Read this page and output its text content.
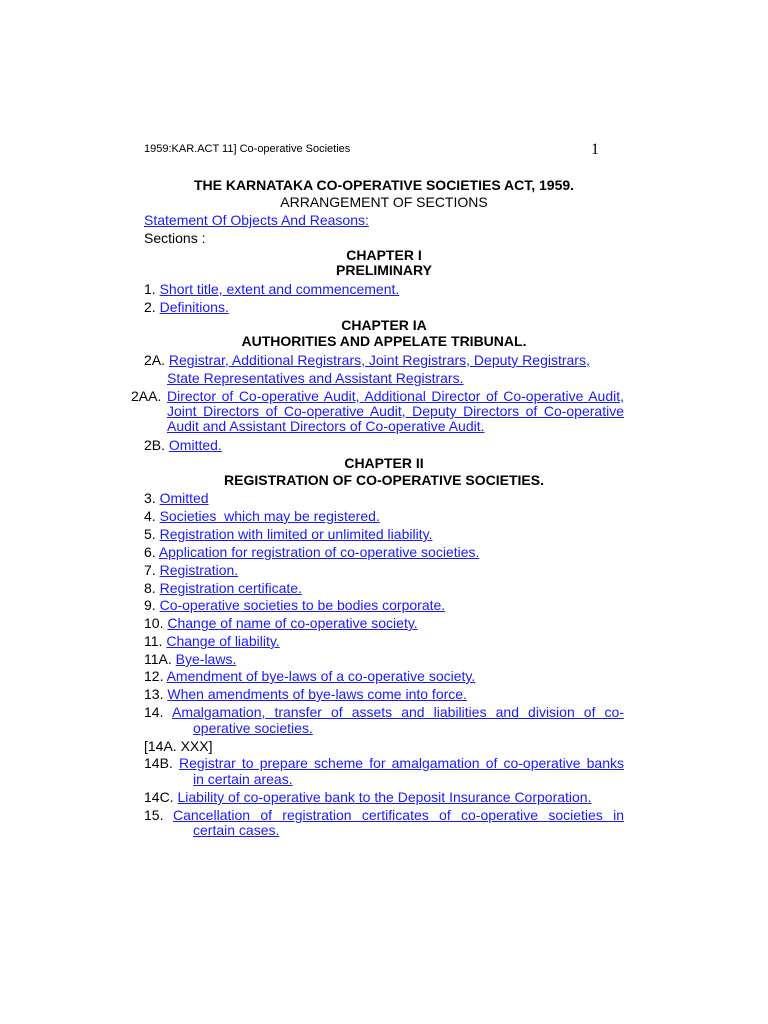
1959:KAR.ACT 11] Co-operative Societies	1
THE KARNATAKA CO-OPERATIVE SOCIETIES ACT, 1959.
ARRANGEMENT OF SECTIONS
Statement Of Objects And Reasons:
Sections :
CHAPTER I
PRELIMINARY
1. Short title, extent and commencement.
2. Definitions.
CHAPTER IA
AUTHORITIES AND APPELATE TRIBUNAL.
2A. Registrar, Additional Registrars, Joint Registrars, Deputy Registrars,
State Representatives and Assistant Registrars.
2AA. Director of Co-operative Audit, Additional Director of Co-operative Audit,
Joint Directors of Co-operative Audit, Deputy Directors of Co-operative
Audit and Assistant Directors of Co-operative Audit.
2B. Omitted.
CHAPTER II
REGISTRATION OF CO-OPERATIVE SOCIETIES.
3. Omitted
4. Societies  which may be registered.
5. Registration with limited or unlimited liability.
6. Application for registration of co-operative societies.
7. Registration.
8. Registration certificate.
9. Co-operative societies to be bodies corporate.
10. Change of name of co-operative society.
11. Change of liability.
11A. Bye-laws.
12. Amendment of bye-laws of a co-operative society.
13. When amendments of bye-laws come into force.
14. Amalgamation,  transfer  of  assets  and  liabilities  and  division  of  co-
operative societies.
[14A. XXX]
14B. Registrar to prepare scheme for amalgamation of co-operative banks
in certain areas.
14C. Liability of co-operative bank to the Deposit Insurance Corporation.
15. Cancellation  of  registration  certificates  of  co-operative  societies  in
certain cases.
